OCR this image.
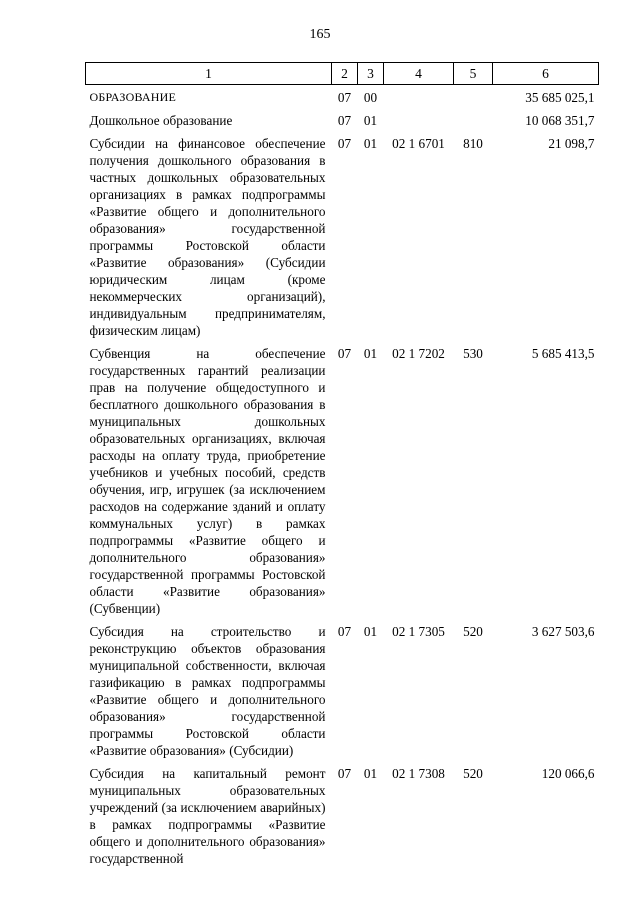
165
1	2	3	4	5	6
ОБРАЗОВАНИЕ	07	00			35 685 025,1
Дошкольное образование	07	01			10 068 351,7
Субсидии на финансовое обеспечение получения дошкольного образования в частных дошкольных образовательных организациях в рамках подпрограммы «Развитие общего и дополнительного образования» государственной программы Ростовской области «Развитие образования» (Субсидии юридическим лицам (кроме некоммерческих организаций), индивидуальным предпринимателям, физическим лицам)	07	01	02 1 6701	810	21 098,7
Субвенция на обеспечение государственных гарантий реализации прав на получение общедоступного и бесплатного дошкольного образования в муниципальных дошкольных образовательных организациях, включая расходы на оплату труда, приобретение учебников и учебных пособий, средств обучения, игр, игрушек (за исключением расходов на содержание зданий и оплату коммунальных услуг) в рамках подпрограммы «Развитие общего и дополнительного образования» государственной программы Ростовской области «Развитие образования» (Субвенции)	07	01	02 1 7202	530	5 685 413,5
Субсидия на строительство и реконструкцию объектов образования муниципальной собственности, включая газификацию в рамках подпрограммы «Развитие общего и дополнительного образования» государственной программы Ростовской области «Развитие образования» (Субсидии)	07	01	02 1 7305	520	3 627 503,6
Субсидия на капитальный ремонт муниципальных образовательных учреждений (за исключением аварийных) в рамках подпрограммы «Развитие общего и дополнительного образования» государственной	07	01	02 1 7308	520	120 066,6
